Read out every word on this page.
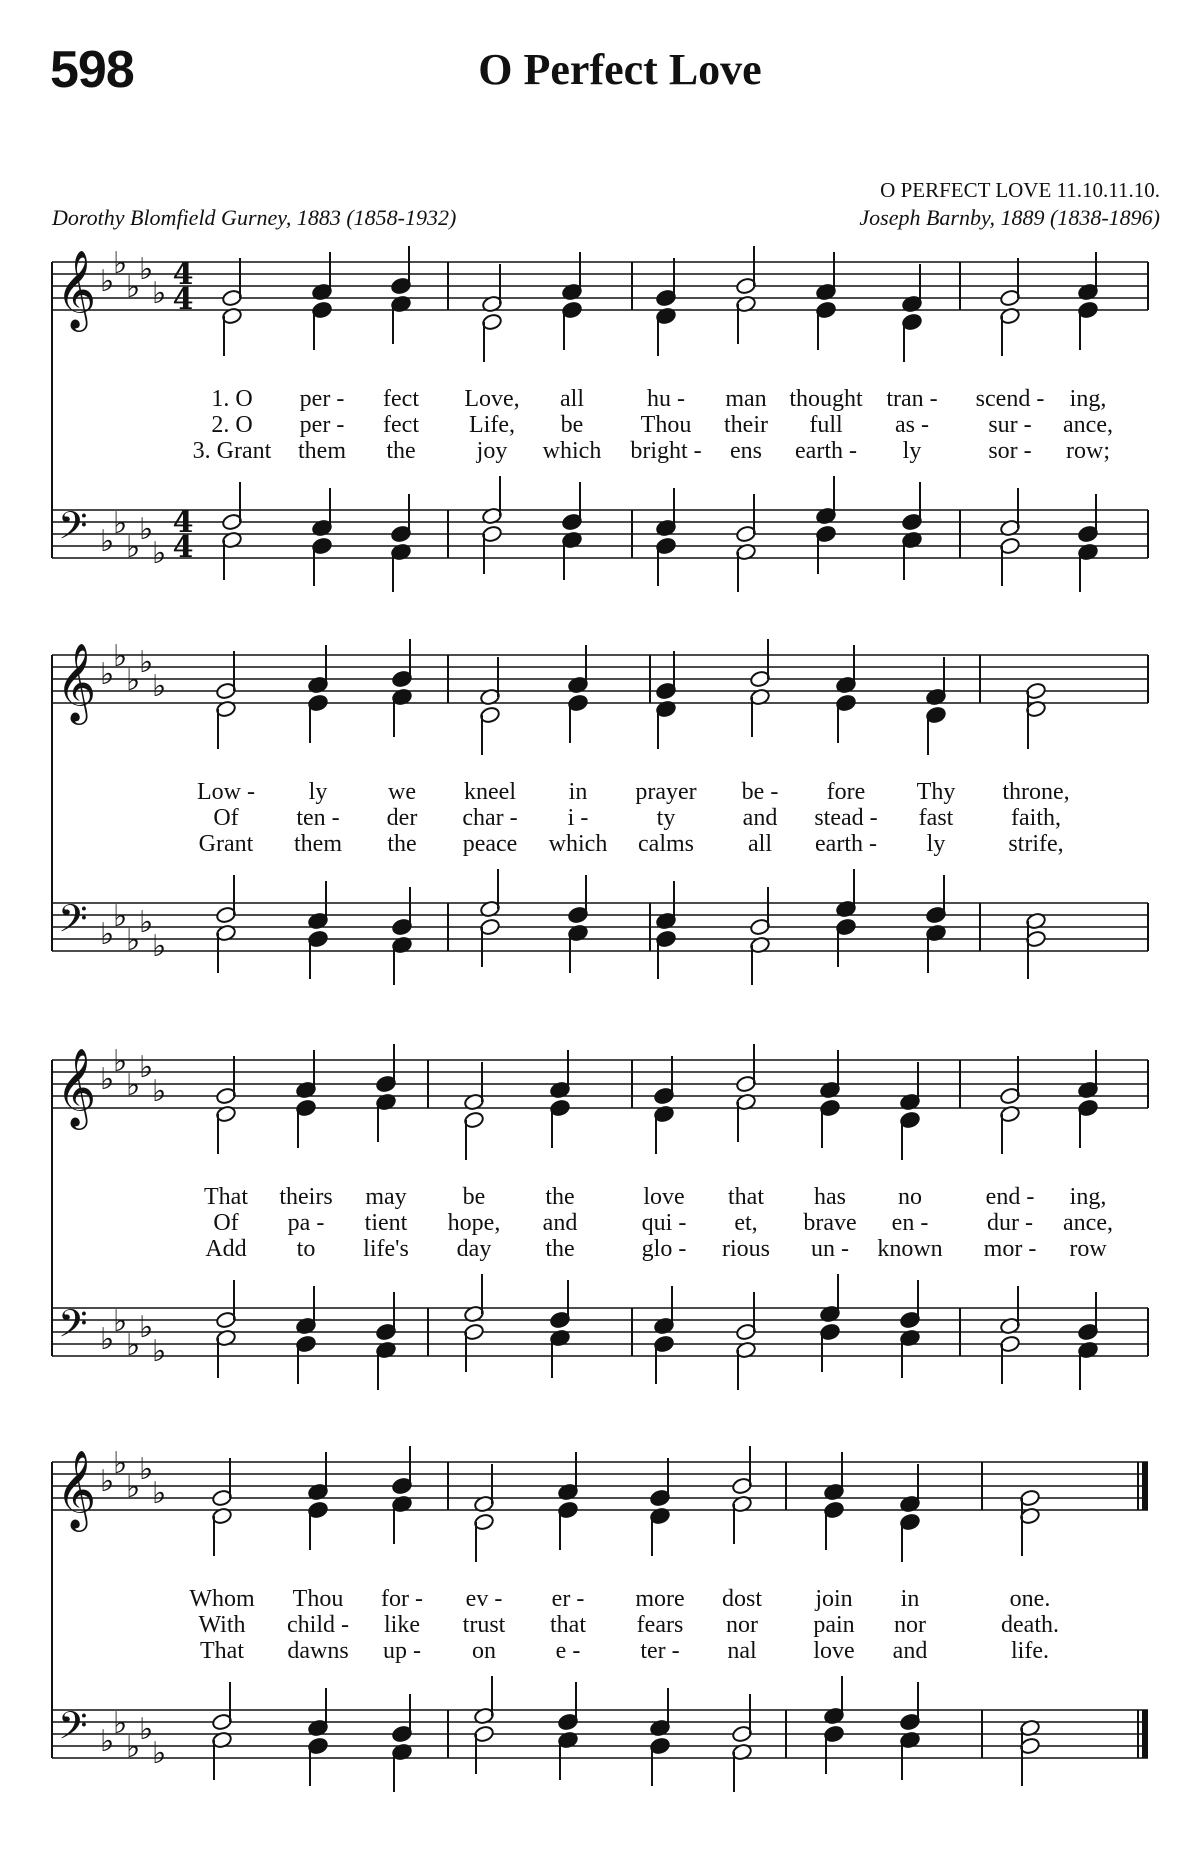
598	O Perfect Love
O PERFECT LOVE 11.10.11.10.
Dorothy Blomfield Gurney, 1883 (1858-1932)	Joseph Barnby, 1889 (1838-1896)
𝄞
𝄢
♭
♭
♭
♭
♭
♭
♭
♭
♭
♭
4
4
4
4
𝄞
𝄢
♭
♭
♭
♭
♭
♭
♭
♭
♭
♭
𝄞
𝄢
♭
♭
♭
♭
♭
♭
♭
♭
♭
♭
𝄞
𝄢
♭
♭
♭
♭
♭
♭
♭
♭
♭
♭
1. O per - fect Love, all	hu - man thought tran - scend - ing,
2. O per - fect Life, be Thou their full as - sur - ance,
3. Grant them the	joy which bright - ens earth - ly	sor - row;
Low - ly	we kneel in prayer be - fore Thy throne,
Of ten - der char - i -	ty	and stead - fast faith,
Grant them the peace which calms all earth - ly	strife,
That theirs may be	the	love that has no	end - ing,
Of pa - tient hope, and	qui - et, brave en - dur - ance,
Add to life's day the	glo - rious un - known mor - row
Whom Thou for - ev - er - more dost join in	one.
With child - like trust that fears nor pain nor	death.
That dawns up - on e -	ter - nal love and	life.
